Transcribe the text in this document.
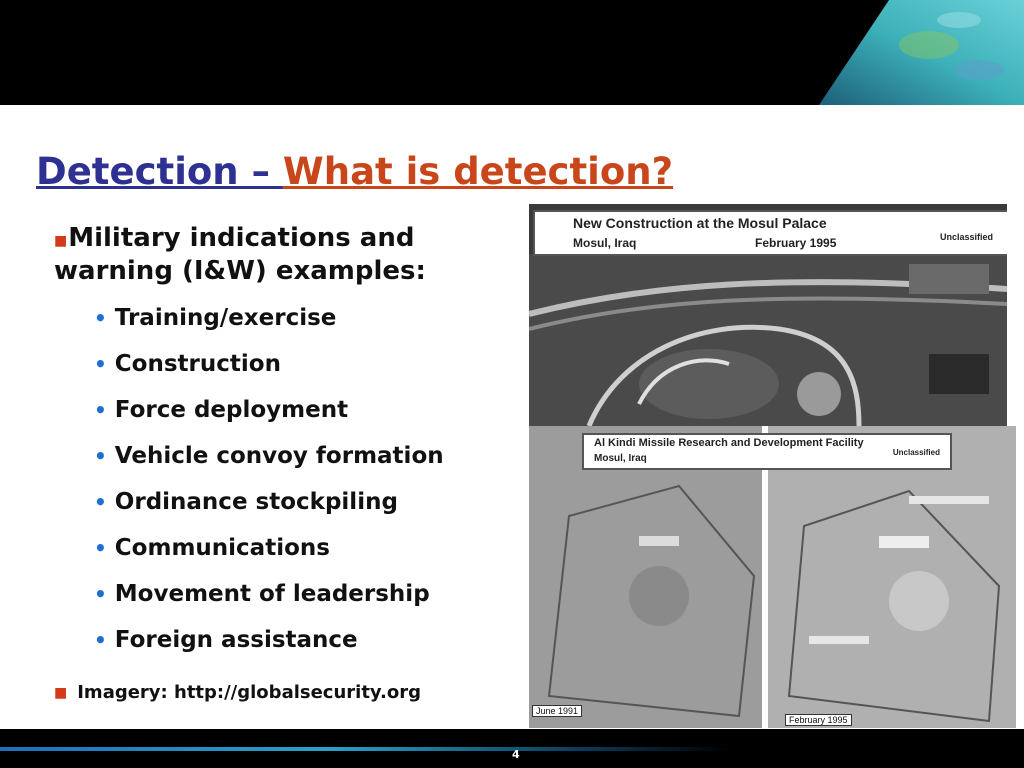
Detection – What is detection?
■Military indications and warning (I&W) examples:
• Training/exercise
• Construction
• Force deployment
• Vehicle convoy formation
• Ordinance stockpiling
• Communications
• Movement of leadership
• Foreign assistance
■ Imagery: http://globalsecurity.org
New Construction at the Mosul Palace
Mosul, Iraq	February 1995	Unclassified
Al Kindi Missile Research and Development Facility
Mosul, Iraq
Unclassified
June 1991
February 1995
4
